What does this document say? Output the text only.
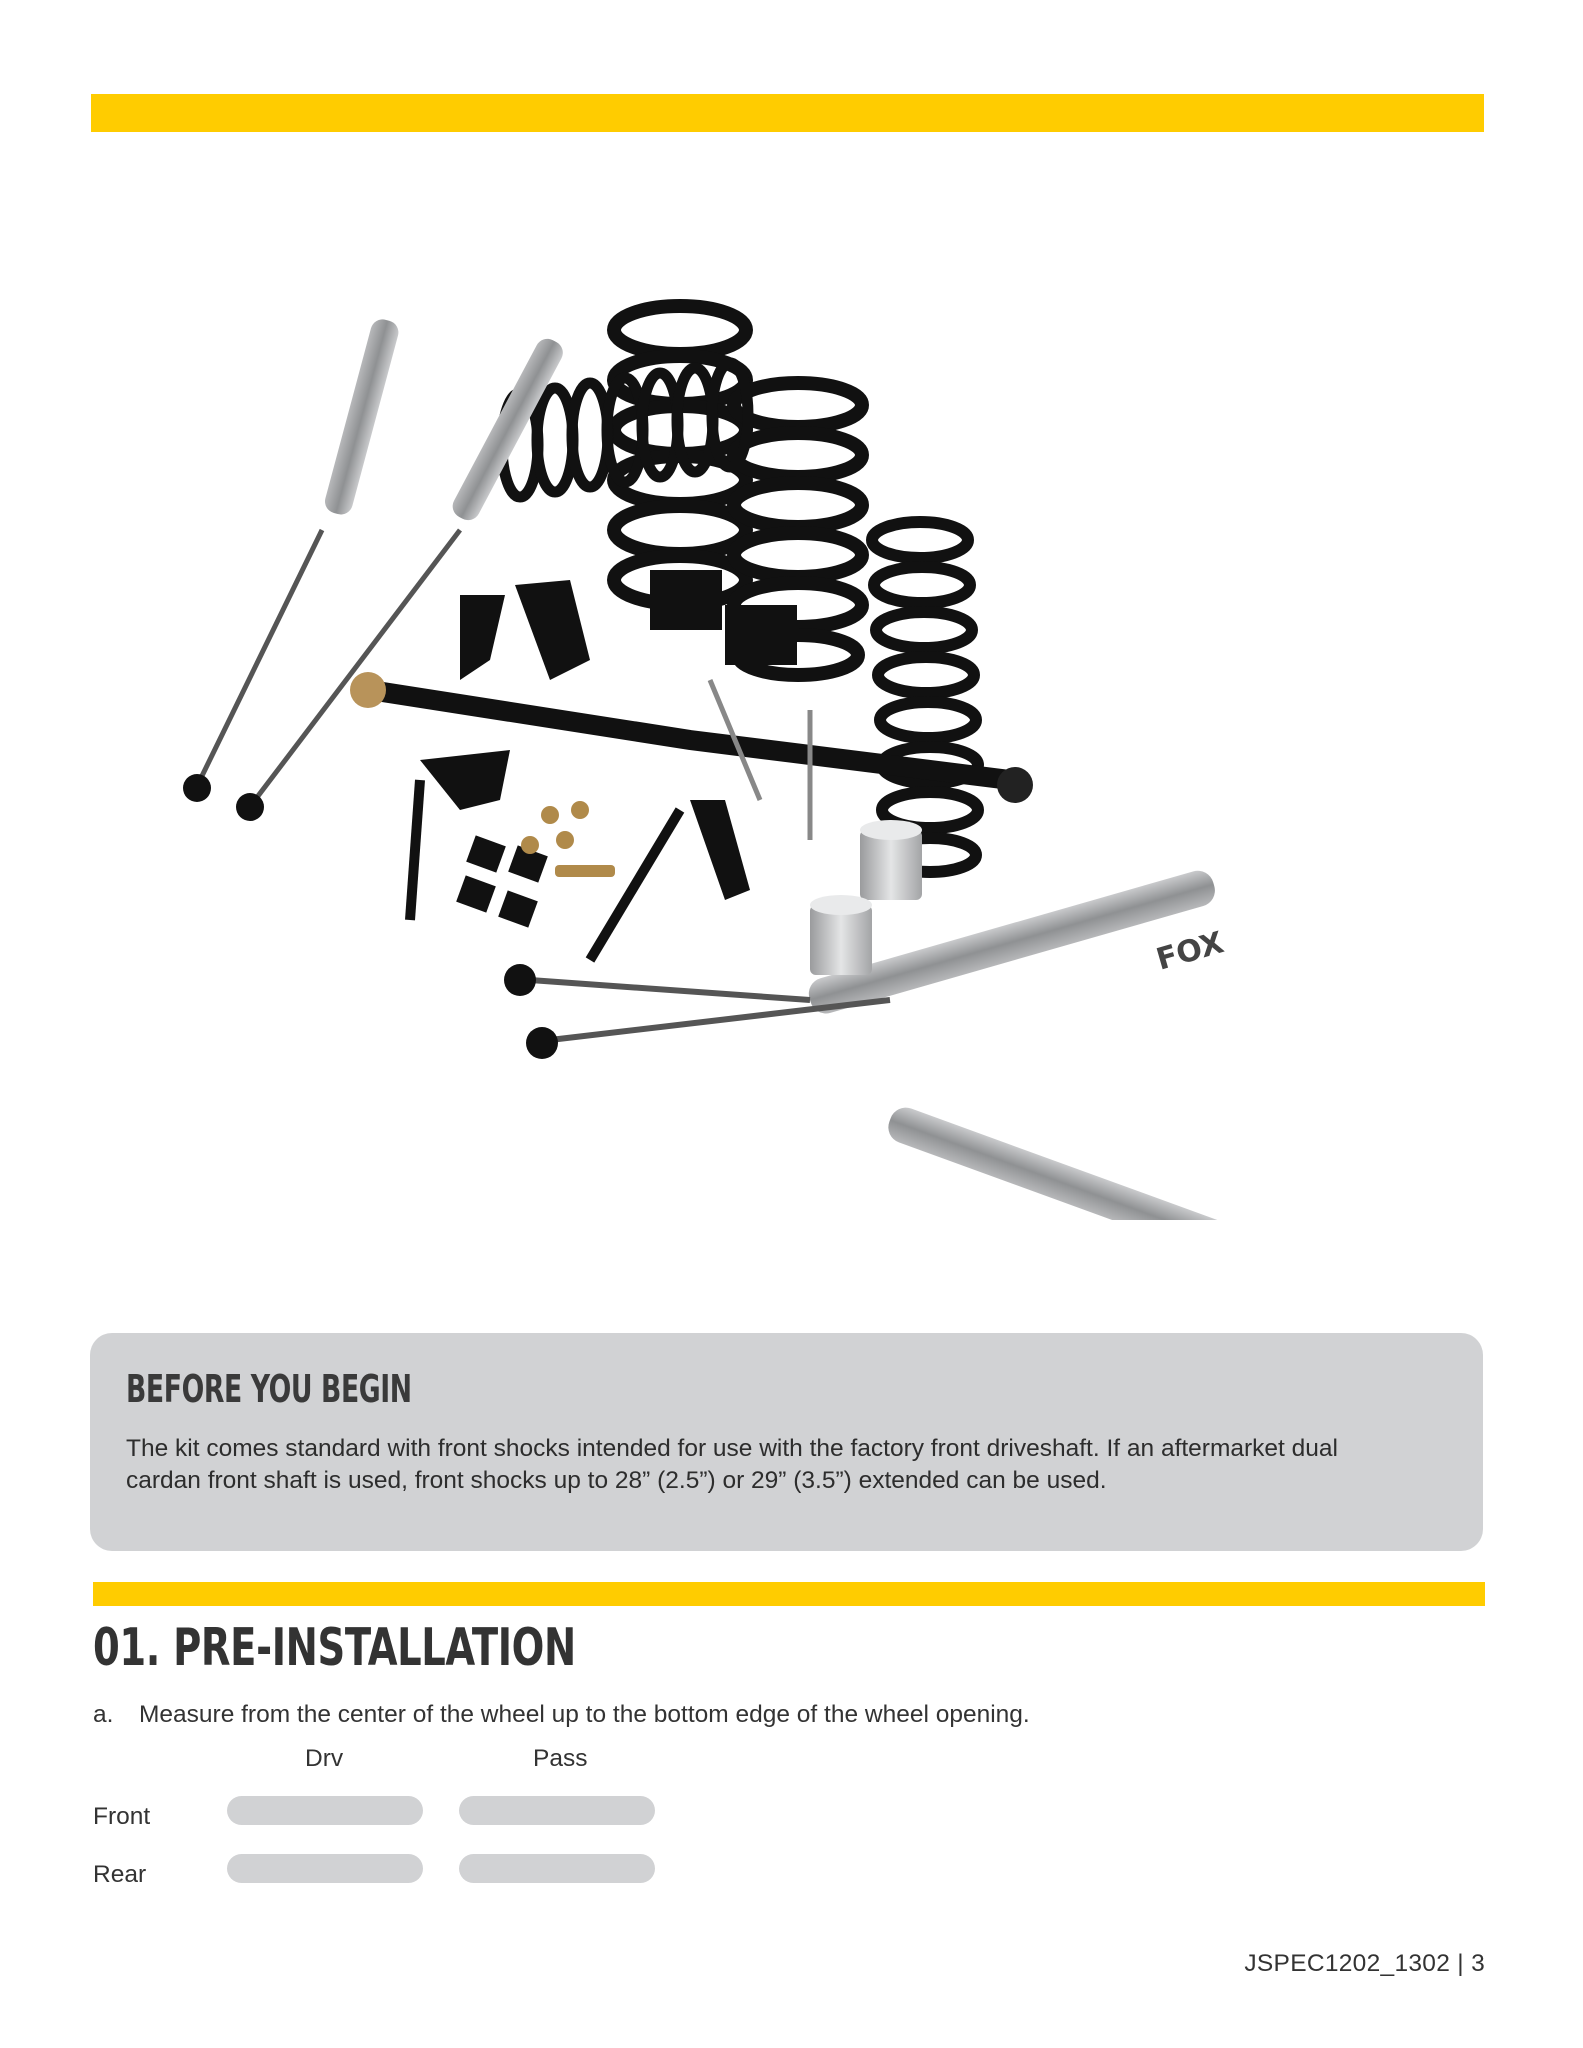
FOX
BEFORE YOU BEGIN
The kit comes standard with front shocks intended for use with the factory front driveshaft. If an aftermarket dual
cardan front shaft is used, front shocks up to 28” (2.5”) or 29” (3.5”) extended can be used.
01. PRE-INSTALLATION
a. Measure from the center of the wheel up to the bottom edge of the wheel opening.
Drv	Pass
Front
Rear
JSPEC1202_1302 | 3
